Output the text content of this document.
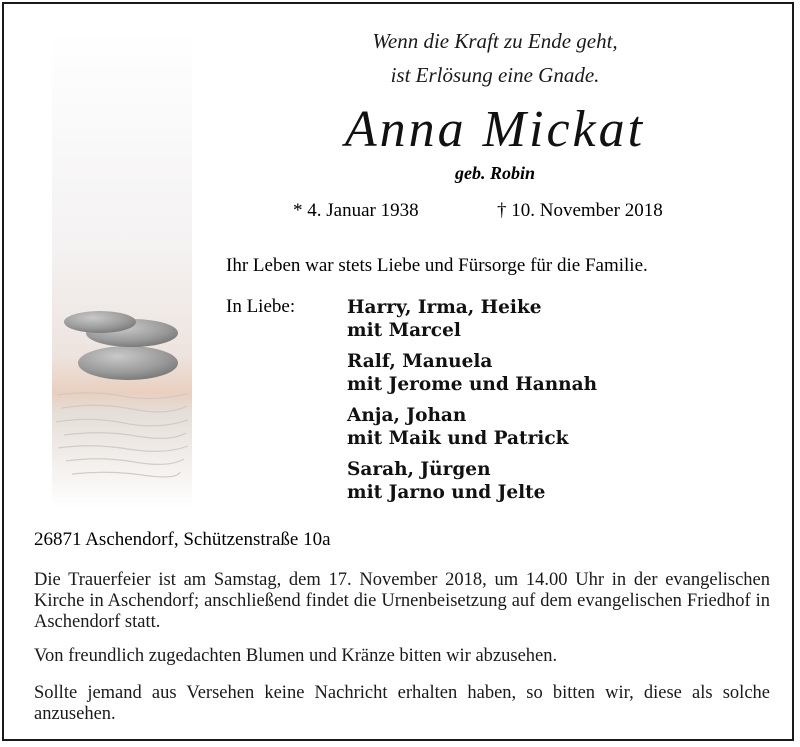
Wenn die Kraft zu Ende geht,
ist Erlösung eine Gnade.
Anna Mickat
geb. Robin
* 4. Januar 1938	† 10. November 2018
Ihr Leben war stets Liebe und Fürsorge für die Familie.
In Liebe:	Harry, Irma, Heike
mit Marcel
Ralf, Manuela
mit Jerome und Hannah
Anja, Johan
mit Maik und Patrick
Sarah, Jürgen
mit Jarno und Jelte
26871 Aschendorf, Schützenstraße 10a
Die Trauerfeier ist am Samstag, dem 17. November 2018, um 14.00 Uhr in der evangelischen Kirche in Aschendorf; anschließend findet die Urnenbeisetzung auf dem evangelischen Friedhof in Aschendorf statt.
Von freundlich zugedachten Blumen und Kränze bitten wir abzusehen.
Sollte jemand aus Versehen keine Nachricht erhalten haben, so bitten wir, diese als solche anzusehen.
